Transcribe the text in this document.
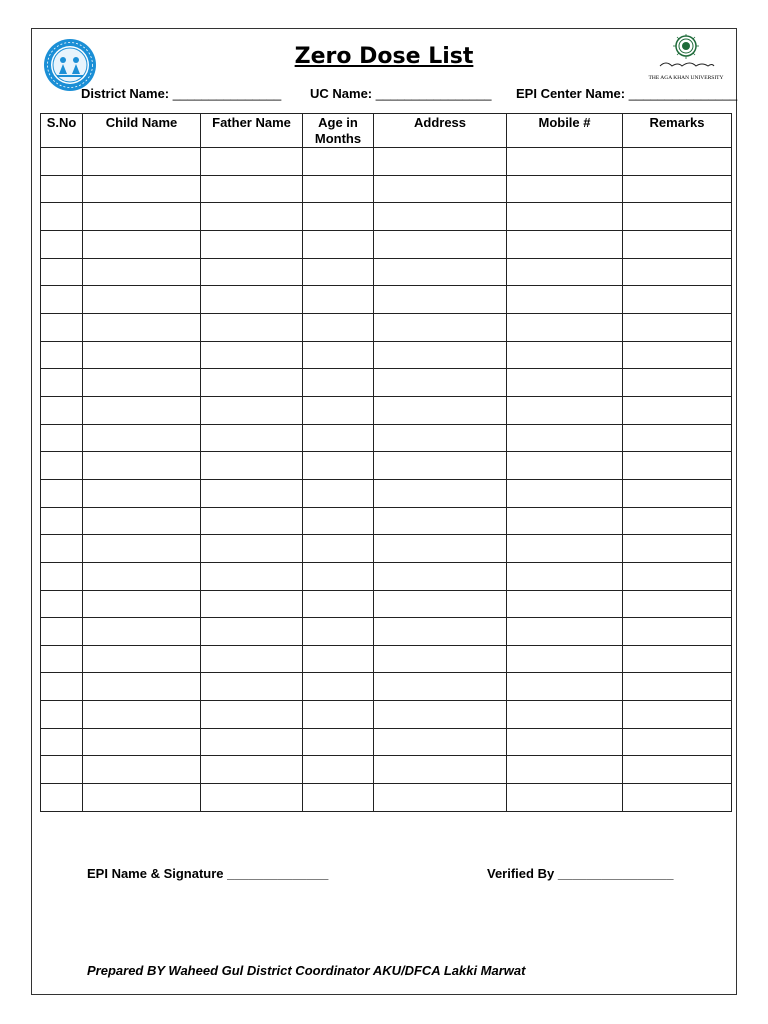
THE AGA KHAN UNIVERSITY
Zero Dose List
District Name: _______________ UC Name: ________________ EPI Center Name: _______________
S.No	Child Name	Father Name	Age in Months	Address	Mobile #	Remarks

EPI Name & Signature ______________	Verified By ________________
Prepared BY Waheed Gul District Coordinator AKU/DFCA Lakki Marwat
